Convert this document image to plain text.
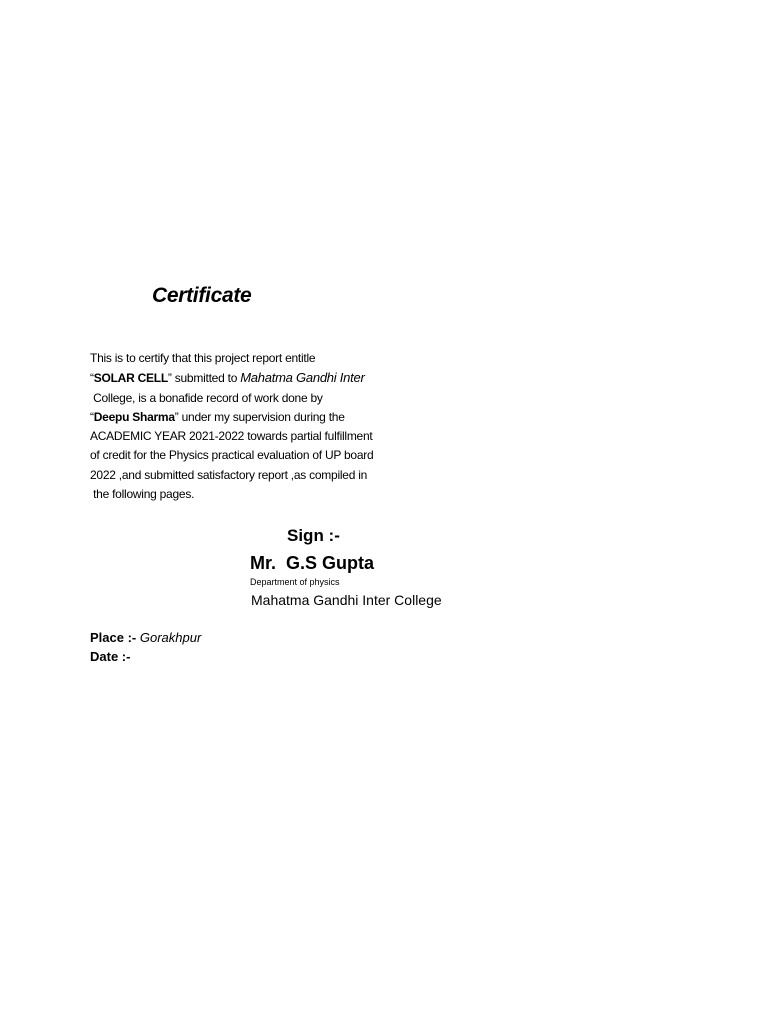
Certificate
This is to certify that this project report entitle
“SOLAR CELL” submitted to Mahatma Gandhi Inter
College, is a bonafide record of work done by
“Deepu Sharma” under my supervision during the
ACADEMIC YEAR 2021-2022 towards partial fulfillment
of credit for the Physics practical evaluation of UP board
2022 ,and submitted satisfactory report ,as compiled in
the following pages.
Sign :-
Mr.  G.S Gupta
Department of physics
Mahatma Gandhi Inter College
Place :- Gorakhpur
Date :-
